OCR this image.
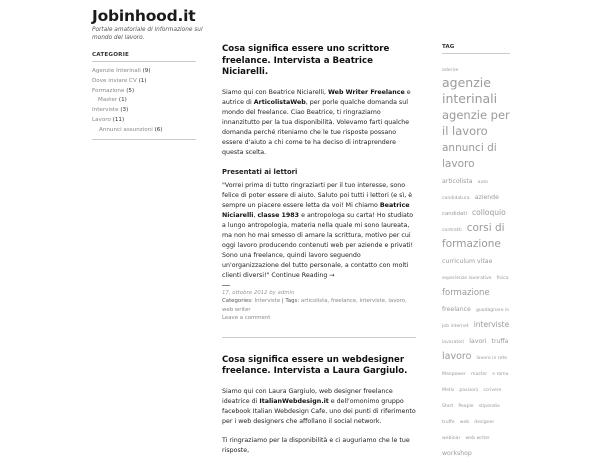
Jobinhood.it
Portale amatoriale di informazione sul mondo del lavoro.
CATEGORIE
Agenzie Interinali (9)
Dove inviare CV (1)
Formazione (5)
Master (1)
Interviste (3)
Lavoro (11)
Annunci assunzioni (6)
Cosa significa essere uno scrittore freelance. Intervista a Beatrice Niciarelli.

Siamo qui con Beatrice Niciarelli, Web Writer Freelance e autrice di ArticolistaWeb, per porle qualche domanda sul mondo del freelance. Ciao Beatrice, ti ringraziamo innanzitutto per la tua disponibilità. Volevamo farti qualche domanda perché riteniamo che le tue risposte possano essere d'aiuto a chi come te ha deciso di intraprendere questa scelta.

Presentati ai lettori

"Vorrei prima di tutto ringraziarti per il tuo interesse, sono felice di poter essere di aiuto. Saluto poi tutti i lettori (e sì, è sempre un piacere essere letta da voi! Mi chiamo Beatrice Niciarelli, classe 1983 e antropologa su carta! Ho studiato a lungo antropologia, materia nella quale mi sono laureata, ma non ho mai smesso di amare la scrittura, motivo per cui oggi lavoro producendo contenuti web per aziende e privati!

Sono una freelance, quindi lavoro seguendo un'organizzazione del tutto personale, a contatto con molti clienti diversi!" Continue Reading →

17, ottobre 2012 by admin
Categories: Interviste | Tags: articolista, freelance, interviste, lavoro, web writer
Leave a comment
Cosa significa essere un webdesigner freelance. Intervista a Laura Gargiulo.

Siamo qui con Laura Gargiulo, web designer freelance ideatrice di ItalianWebdesign.it e dell'omonimo gruppo facebook Italian Webdesign Cafe, uno dei punti di riferimento per i web designers che affollano il social network.

Ti ringraziamo per la disponibilità e ci auguriamo che le tue risposte,

TAG
aderire agenzie interinali agenzie per il lavoro annunci di lavoro articolista auto candidatura aziende candidati colloquio contratti corsi di formazione curriculum vitae esperienze lavorative fisica formazione freelance guadagnare in job internet interviste lavoratori lavori truffa lavoro lavoro in rete Manpower master e roma Metis passioni scrivere Start People stipendio truffe web designer webinar web writer workshop
